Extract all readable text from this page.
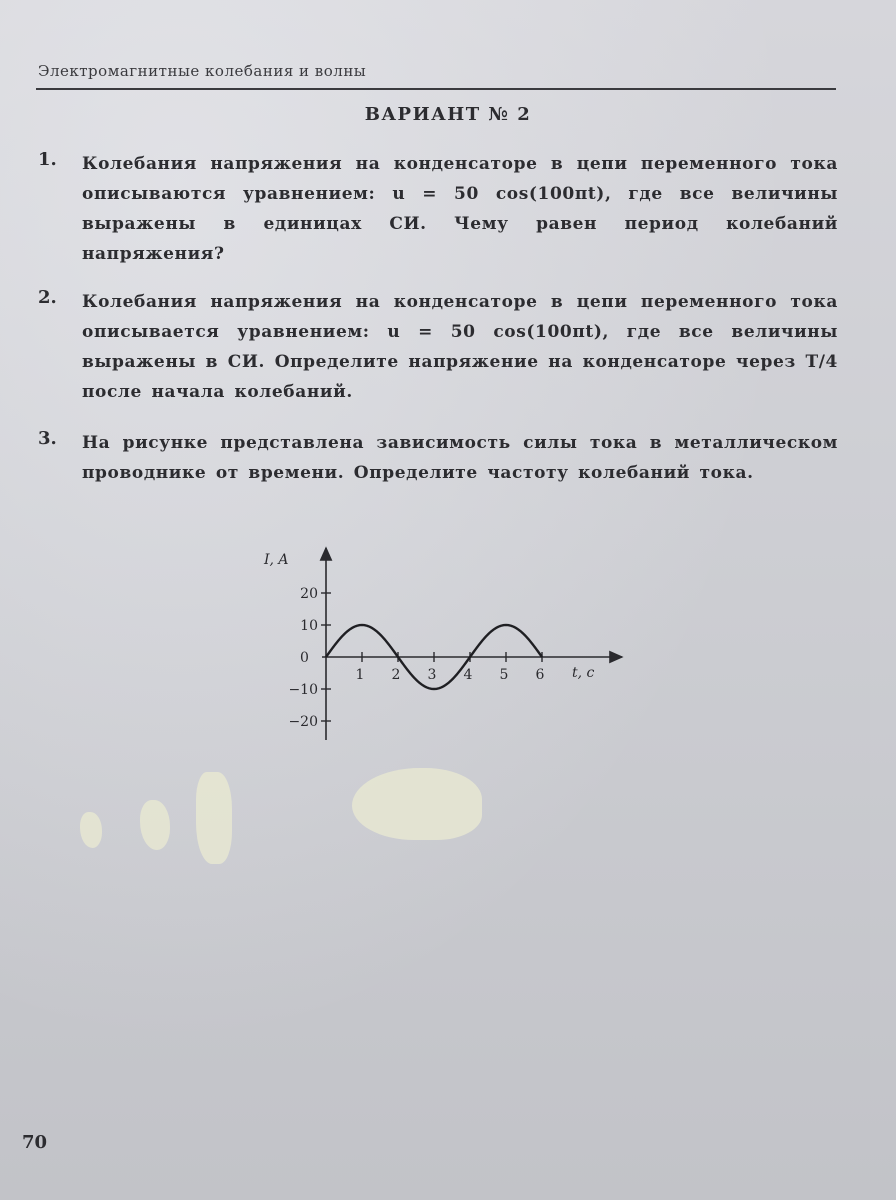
Электромагнитные колебания и волны
ВАРИАНТ № 2
1. Колебания напряжения на конденсаторе в цепи переменного тока описываются уравнением: u = 50 cos(100πt), где все величины выражены в единицах СИ. Чему равен период колебаний напряжения?
2. Колебания напряжения на конденсаторе в цепи переменного тока описывается уравнением: u = 50 cos(100πt), где все величины выражены в СИ. Определите напряжение на конденсаторе через T/4 после начала колебаний.
3. На рисунке представлена зависимость силы тока в металлическом проводнике от времени. Определите частоту колебаний тока.
20
10
−10
−20
1 2 3 4 5 6
I, A
t, c
0
70
